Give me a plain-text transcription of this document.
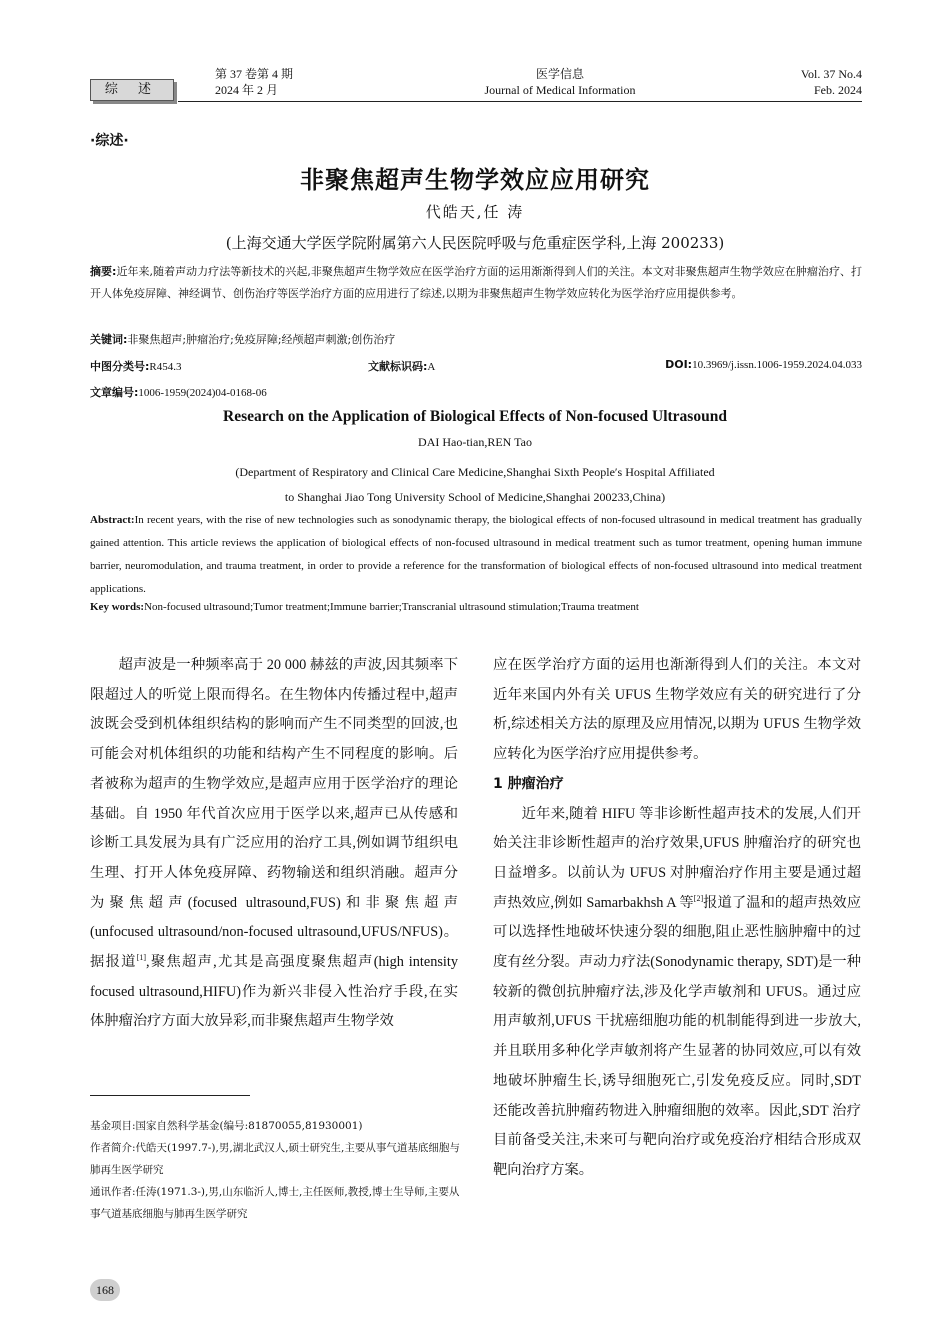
综 述
第 37 卷第 4 期
2024 年 2 月
医学信息
Journal of Medical Information
Vol. 37 No.4
Feb. 2024
·综述·
非聚焦超声生物学效应应用研究
代皓天,任 涛
(上海交通大学医学院附属第六人民医院呼吸与危重症医学科,上海 200233)
摘要:近年来,随着声动力疗法等新技术的兴起,非聚焦超声生物学效应在医学治疗方面的运用渐渐得到人们的关注。本文对非聚焦超声生物学效应在肿瘤治疗、打开人体免疫屏障、神经调节、创伤治疗等医学治疗方面的应用进行了综述,以期为非聚焦超声生物学效应转化为医学治疗应用提供参考。
关键词:非聚焦超声;肿瘤治疗;免疫屏障;经颅超声刺激;创伤治疗
中图分类号:R454.3	文献标识码:A	DOI:10.3969/j.issn.1006-1959.2024.04.033
文章编号:1006-1959(2024)04-0168-06
Research on the Application of Biological Effects of Non-focused Ultrasound
DAI Hao-tian,REN Tao
(Department of Respiratory and Clinical Care Medicine,Shanghai Sixth People′s Hospital Affiliated
to Shanghai Jiao Tong University School of Medicine,Shanghai 200233,China)
Abstract:In recent years, with the rise of new technologies such as sonodynamic therapy, the biological effects of non-focused ultrasound in medical treatment has gradually gained attention. This article reviews the application of biological effects of non-focused ultrasound in medical treatment such as tumor treatment, opening human immune barrier, neuromodulation, and trauma treatment, in order to provide a reference for the transformation of biological effects of non-focused ultrasound into medical treatment applications.
Key words:Non-focused ultrasound;Tumor treatment;Immune barrier;Transcranial ultrasound stimulation;Trauma treatment

超声波是一种频率高于 20 000 赫兹的声波,因其频率下限超过人的听觉上限而得名。在生物体内传播过程中,超声波既会受到机体组织结构的影响而产生不同类型的回波,也可能会对机体组织的功能和结构产生不同程度的影响。后者被称为超声的生物学效应,是超声应用于医学治疗的理论基础。自 1950 年代首次应用于医学以来,超声已从传感和诊断工具发展为具有广泛应用的治疗工具,例如调节组织电生理、打开人体免疫屏障、药物输送和组织消融。超声分为聚焦超声(focused ultrasound,FUS)和非聚焦超声(unfocused ultrasound/non-focused ultrasound,UFUS/NFUS)。据报道[1],聚焦超声,尤其是高强度聚焦超声(high intensity focused ultrasound,HIFU)作为新兴非侵入性治疗手段,在实体肿瘤治疗方面大放异彩,而非聚焦超声生物学效

应在医学治疗方面的运用也渐渐得到人们的关注。本文对近年来国内外有关 UFUS 生物学效应有关的研究进行了分析,综述相关方法的原理及应用情况,以期为 UFUS 生物学效应转化为医学治疗应用提供参考。

1 肿瘤治疗

近年来,随着 HIFU 等非诊断性超声技术的发展,人们开始关注非诊断性超声的治疗效果,UFUS 肿瘤治疗的研究也日益增多。以前认为 UFUS 对肿瘤治疗作用主要是通过超声热效应,例如 Samarbakhsh A 等[2]报道了温和的超声热效应可以选择性地破坏快速分裂的细胞,阻止恶性脑肿瘤中的过度有丝分裂。声动力疗法(Sonodynamic therapy, SDT)是一种较新的微创抗肿瘤疗法,涉及化学声敏剂和 UFUS。通过应用声敏剂,UFUS 干扰癌细胞功能的机制能得到进一步放大,并且联用多种化学声敏剂将产生显著的协同效应,可以有效地破坏肿瘤生长,诱导细胞死亡,引发免疫反应。同时,SDT 还能改善抗肿瘤药物进入肿瘤细胞的效率。因此,SDT 治疗目前备受关注,未来可与靶向治疗或免疫治疗相结合形成双靶向治疗方案。

基金项目:国家自然科学基金(编号:81870055,81930001)
作者简介:代皓天(1997.7-),男,湖北武汉人,硕士研究生,主要从事气道基底细胞与肺再生医学研究
通讯作者:任涛(1971.3-),男,山东临沂人,博士,主任医师,教授,博士生导师,主要从事气道基底细胞与肺再生医学研究
168
